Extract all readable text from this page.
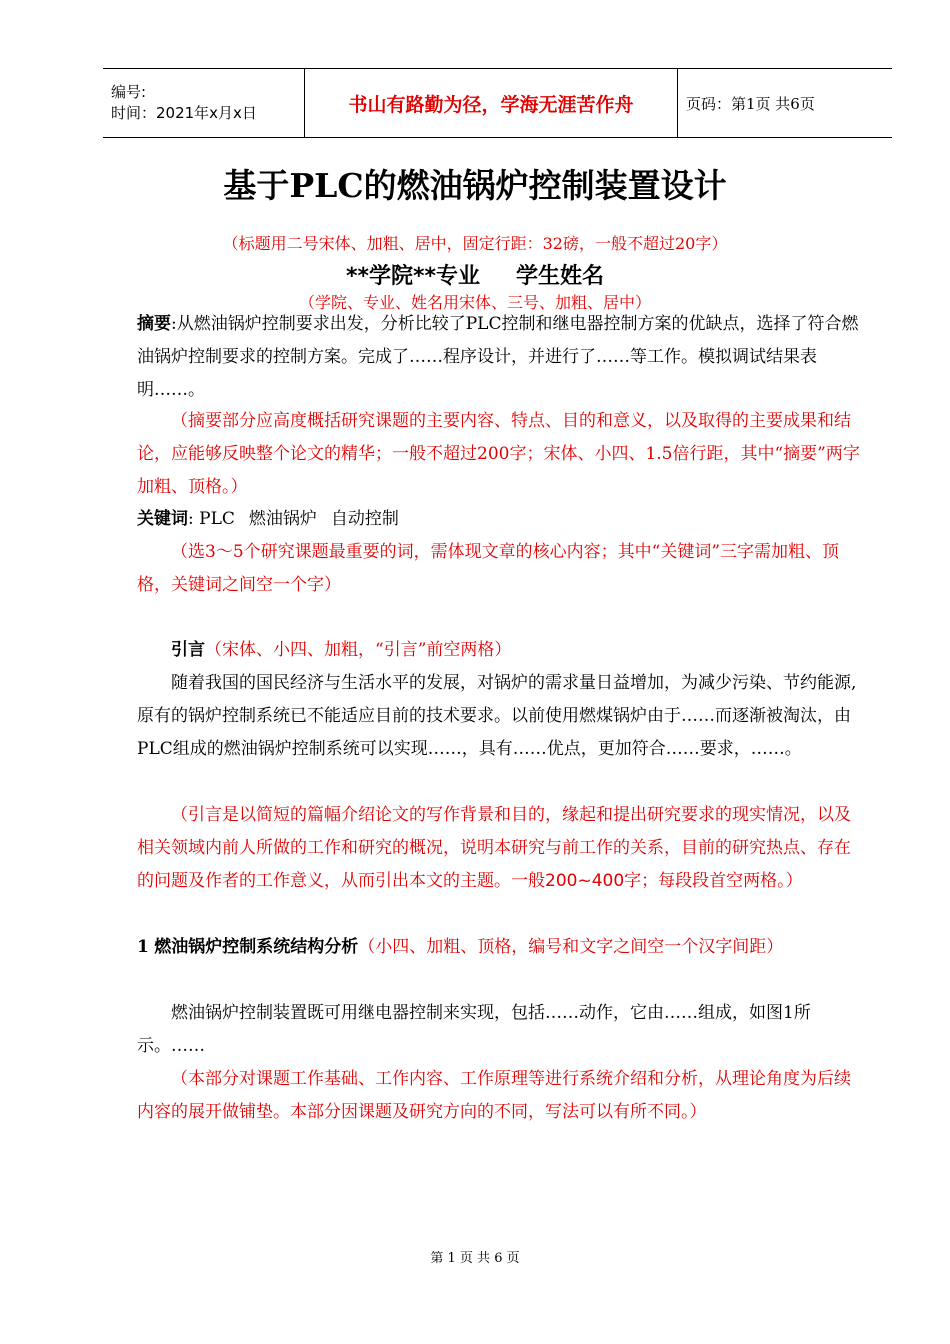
编号:
时间：2021年x月x日	书山有路勤为径，学海无涯苦作舟	页码：第1页 共6页
基于PLC的燃油锅炉控制装置设计
（标题用二号宋体、加粗、居中，固定行距：32磅，一般不超过20字）
**学院**专业 学生姓名
（学院、专业、姓名用宋体、三号、加粗、居中）

摘要:从燃油锅炉控制要求出发，分析比较了PLC控制和继电器控制方案的优缺点，选择了符合燃油锅炉控制要求的控制方案。完成了……程序设计，并进行了……等工作。模拟调试结果表明……。

（摘要部分应高度概括研究课题的主要内容、特点、目的和意义，以及取得的主要成果和结论，应能够反映整个论文的精华；一般不超过200字；宋体、小四、1.5倍行距，其中“摘要”两字加粗、顶格。）

关键词: PLC 燃油锅炉 自动控制

（选3～5个研究课题最重要的词，需体现文章的核心内容；其中“关键词”三字需加粗、顶格，关键词之间空一个字）

引言（宋体、小四、加粗，“引言”前空两格）

随着我国的国民经济与生活水平的发展，对锅炉的需求量日益增加，为减少污染、节约能源,原有的锅炉控制系统已不能适应目前的技术要求。以前使用燃煤锅炉由于……而逐渐被淘汰，由PLC组成的燃油锅炉控制系统可以实现……，具有……优点，更加符合……要求，……。

（引言是以简短的篇幅介绍论文的写作背景和目的，缘起和提出研究要求的现实情况，以及相关领域内前人所做的工作和研究的概况，说明本研究与前工作的关系，目前的研究热点、存在的问题及作者的工作意义，从而引出本文的主题。一般200~400字；每段段首空两格。）

1 燃油锅炉控制系统结构分析（小四、加粗、顶格，编号和文字之间空一个汉字间距）

燃油锅炉控制装置既可用继电器控制来实现，包括……动作，它由……组成，如图1所示。……

（本部分对课题工作基础、工作内容、工作原理等进行系统介绍和分析，从理论角度为后续内容的展开做铺垫。本部分因课题及研究方向的不同，写法可以有所不同。）

第 1 页 共 6 页
